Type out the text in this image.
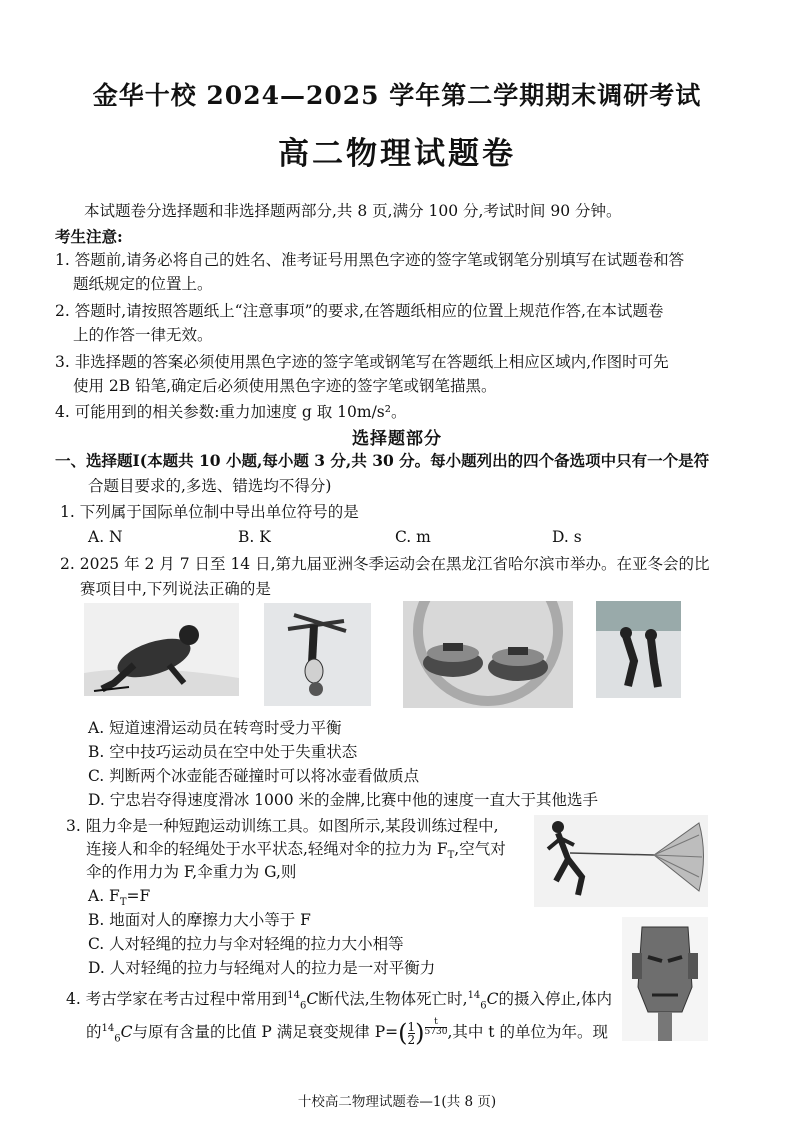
金华十校 2024—2025 学年第二学期期末调研考试
高二物理试题卷
本试题卷分选择题和非选择题两部分,共 8 页,满分 100 分,考试时间 90 分钟。
考生注意:
1. 答题前,请务必将自己的姓名、准考证号用黑色字迹的签字笔或钢笔分别填写在试题卷和答
题纸规定的位置上。
2. 答题时,请按照答题纸上“注意事项”的要求,在答题纸相应的位置上规范作答,在本试题卷
上的作答一律无效。
3. 非选择题的答案必须使用黑色字迹的签字笔或钢笔写在答题纸上相应区域内,作图时可先
使用 2B 铅笔,确定后必须使用黑色字迹的签字笔或钢笔描黑。
4. 可能用到的相关参数:重力加速度 g 取 10m/s²。
选择题部分
一、选择题Ⅰ(本题共 10 小题,每小题 3 分,共 30 分。每小题列出的四个备选项中只有一个是符
合题目要求的,多选、错选均不得分)
1. 下列属于国际单位制中导出单位符号的是
A. N	B. K	C. m	D. s
2. 2025 年 2 月 7 日至 14 日,第九届亚洲冬季运动会在黑龙江省哈尔滨市举办。在亚冬会的比
赛项目中,下列说法正确的是
A. 短道速滑运动员在转弯时受力平衡
B. 空中技巧运动员在空中处于失重状态
C. 判断两个冰壶能否碰撞时可以将冰壶看做质点
D. 宁忠岩夺得速度滑冰 1000 米的金牌,比赛中他的速度一直大于其他选手
3. 阻力伞是一种短跑运动训练工具。如图所示,某段训练过程中,
连接人和伞的轻绳处于水平状态,轻绳对伞的拉力为 $F_T$,空气对
伞的作用力为 F,伞重力为 G,则
A. $F_T=F$
B. 地面对人的摩擦力大小等于 F
C. 人对轻绳的拉力与伞对轻绳的拉力大小相等
D. 人对轻绳的拉力与轻绳对人的拉力是一对平衡力
4. 考古学家在考古过程中常用到$^{14}_6$C断代法,生物体死亡时,$^{14}_6$C的摄入停止,体内
的$^{14}_6$C与原有含量的比值 P 满足衰变规律 $P=( \frac{1}{2}$ ) $^{\frac{t}{5730}}$ ,其中 t 的单位为年。现
十校高二物理试题卷—1(共 8 页)
